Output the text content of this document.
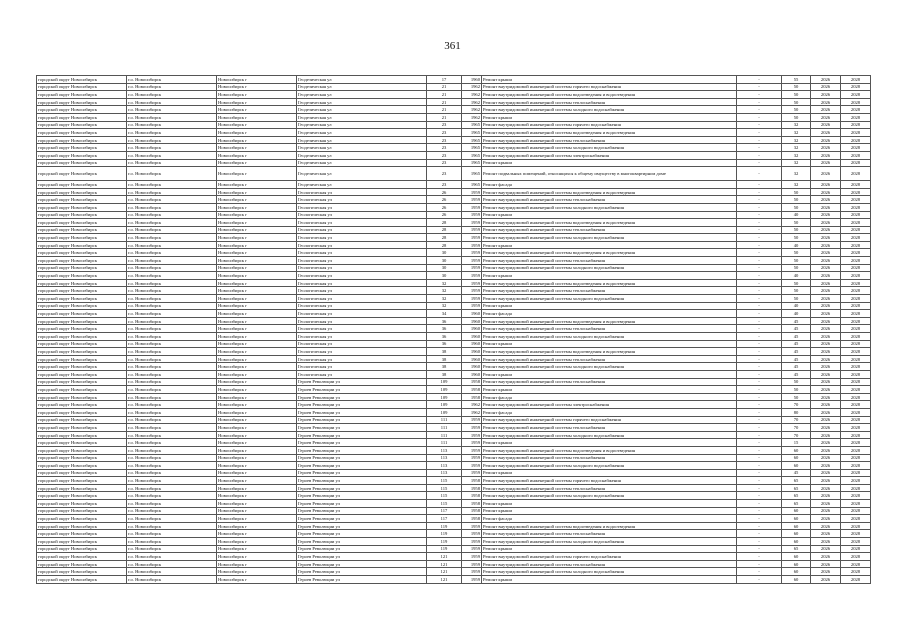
361
городской округ Новосибирск	г.о. Новосибирск	Новосибирск г	Геодезическая ул	17	1960	Ремонт крыши	-	55	2026	2028
городской округ Новосибирск	г.о. Новосибирск	Новосибирск г	Геодезическая ул	21	1962	Ремонт внутридомовой инженерной системы горячего водоснабжения	-	50	2026	2028
городской округ Новосибирск	г.о. Новосибирск	Новосибирск г	Геодезическая ул	21	1962	Ремонт внутридомовой инженерной системы водоотведения и водоотведения	-	50	2026	2028
городской округ Новосибирск	г.о. Новосибирск	Новосибирск г	Геодезическая ул	21	1962	Ремонт внутридомовой инженерной системы теплоснабжения	-	50	2026	2028
городской округ Новосибирск	г.о. Новосибирск	Новосибирск г	Геодезическая ул	21	1962	Ремонт внутридомовой инженерной системы холодного водоснабжения	-	50	2026	2028
городской округ Новосибирск	г.о. Новосибирск	Новосибирск г	Геодезическая ул	21	1962	Ремонт крыши	-	50	2026	2028
городской округ Новосибирск	г.о. Новосибирск	Новосибирск г	Геодезическая ул	23	1965	Ремонт внутридомовой инженерной системы горячего водоснабжения	-	32	2026	2028
городской округ Новосибирск	г.о. Новосибирск	Новосибирск г	Геодезическая ул	23	1965	Ремонт внутридомовой инженерной системы водоотведения и водоотведения	-	32	2026	2028
городской округ Новосибирск	г.о. Новосибирск	Новосибирск г	Геодезическая ул	23	1965	Ремонт внутридомовой инженерной системы теплоснабжения	-	32	2026	2028
городской округ Новосибирск	г.о. Новосибирск	Новосибирск г	Геодезическая ул	23	1965	Ремонт внутридомовой инженерной системы холодного водоснабжения	-	32	2026	2028
городской округ Новосибирск	г.о. Новосибирск	Новосибирск г	Геодезическая ул	23	1965	Ремонт внутридомовой инженерной системы электроснабжения	-	32	2026	2028
городской округ Новосибирск	г.о. Новосибирск	Новосибирск г	Геодезическая ул	23	1965	Ремонт крыши	-	32	2026	2028
городской округ Новосибирск	г.о. Новосибирск	Новосибирск г	Геодезическая ул	23	1965	Ремонт подвальных помещений, относящихся к общему имуществу в многоквартирном доме	-	32	2026	2028
городской округ Новосибирск	г.о. Новосибирск	Новосибирск г	Геодезическая ул	23	1965	Ремонт фасада	-	32	2026	2028
городской округ Новосибирск	г.о. Новосибирск	Новосибирск г	Геологическая ул	26	1959	Ремонт внутридомовой инженерной системы водоотведения и водоотведения	-	50	2026	2028
городской округ Новосибирск	г.о. Новосибирск	Новосибирск г	Геологическая ул	26	1959	Ремонт внутридомовой инженерной системы теплоснабжения	-	50	2026	2028
городской округ Новосибирск	г.о. Новосибирск	Новосибирск г	Геологическая ул	26	1959	Ремонт внутридомовой инженерной системы холодного водоснабжения	-	50	2026	2028
городской округ Новосибирск	г.о. Новосибирск	Новосибирск г	Геологическая ул	26	1959	Ремонт крыши	-	40	2026	2028
городской округ Новосибирск	г.о. Новосибирск	Новосибирск г	Геологическая ул	28	1959	Ремонт внутридомовой инженерной системы водоотведения и водоотведения	-	50	2026	2028
городской округ Новосибирск	г.о. Новосибирск	Новосибирск г	Геологическая ул	28	1959	Ремонт внутридомовой инженерной системы теплоснабжения	-	50	2026	2028
городской округ Новосибирск	г.о. Новосибирск	Новосибирск г	Геологическая ул	28	1959	Ремонт внутридомовой инженерной системы холодного водоснабжения	-	50	2026	2028
городской округ Новосибирск	г.о. Новосибирск	Новосибирск г	Геологическая ул	28	1959	Ремонт крыши	-	40	2026	2028
городской округ Новосибирск	г.о. Новосибирск	Новосибирск г	Геологическая ул	30	1959	Ремонт внутридомовой инженерной системы водоотведения и водоотведения	-	50	2026	2028
городской округ Новосибирск	г.о. Новосибирск	Новосибирск г	Геологическая ул	30	1959	Ремонт внутридомовой инженерной системы теплоснабжения	-	50	2026	2028
городской округ Новосибирск	г.о. Новосибирск	Новосибирск г	Геологическая ул	30	1959	Ремонт внутридомовой инженерной системы холодного водоснабжения	-	50	2026	2028
городской округ Новосибирск	г.о. Новосибирск	Новосибирск г	Геологическая ул	30	1959	Ремонт крыши	-	40	2026	2028
городской округ Новосибирск	г.о. Новосибирск	Новосибирск г	Геологическая ул	32	1959	Ремонт внутридомовой инженерной системы водоотведения и водоотведения	-	50	2026	2028
городской округ Новосибирск	г.о. Новосибирск	Новосибирск г	Геологическая ул	32	1959	Ремонт внутридомовой инженерной системы теплоснабжения	-	50	2026	2028
городской округ Новосибирск	г.о. Новосибирск	Новосибирск г	Геологическая ул	32	1959	Ремонт внутридомовой инженерной системы холодного водоснабжения	-	50	2026	2028
городской округ Новосибирск	г.о. Новосибирск	Новосибирск г	Геологическая ул	32	1959	Ремонт крыши	-	40	2026	2028
городской округ Новосибирск	г.о. Новосибирск	Новосибирск г	Геологическая ул	34	1960	Ремонт фасада	-	40	2026	2028
городской округ Новосибирск	г.о. Новосибирск	Новосибирск г	Геологическая ул	36	1960	Ремонт внутридомовой инженерной системы водоотведения и водоотведения	-	45	2026	2028
городской округ Новосибирск	г.о. Новосибирск	Новосибирск г	Геологическая ул	36	1960	Ремонт внутридомовой инженерной системы теплоснабжения	-	45	2026	2028
городской округ Новосибирск	г.о. Новосибирск	Новосибирск г	Геологическая ул	36	1960	Ремонт внутридомовой инженерной системы холодного водоснабжения	-	45	2026	2028
городской округ Новосибирск	г.о. Новосибирск	Новосибирск г	Геологическая ул	36	1960	Ремонт крыши	-	45	2026	2028
городской округ Новосибирск	г.о. Новосибирск	Новосибирск г	Геологическая ул	38	1960	Ремонт внутридомовой инженерной системы водоотведения и водоотведения	-	45	2026	2028
городской округ Новосибирск	г.о. Новосибирск	Новосибирск г	Геологическая ул	38	1960	Ремонт внутридомовой инженерной системы теплоснабжения	-	45	2026	2028
городской округ Новосибирск	г.о. Новосибирск	Новосибирск г	Геологическая ул	38	1960	Ремонт внутридомовой инженерной системы холодного водоснабжения	-	45	2026	2028
городской округ Новосибирск	г.о. Новосибирск	Новосибирск г	Геологическая ул	38	1960	Ремонт крыши	-	45	2026	2028
городской округ Новосибирск	г.о. Новосибирск	Новосибирск г	Героев Революции ул	109	1958	Ремонт внутридомовой инженерной системы теплоснабжения	-	50	2026	2028
городской округ Новосибирск	г.о. Новосибирск	Новосибирск г	Героев Революции ул	109	1958	Ремонт крыши	-	50	2026	2028
городской округ Новосибирск	г.о. Новосибирск	Новосибирск г	Героев Революции ул	109	1958	Ремонт фасада	-	50	2026	2028
городской округ Новосибирск	г.о. Новосибирск	Новосибирск г	Героев Революции ул	109	1962	Ремонт внутридомовой инженерной системы электроснабжения	-	70	2026	2028
городской округ Новосибирск	г.о. Новосибирск	Новосибирск г	Героев Революции ул	109	1962	Ремонт фасада	-	80	2026	2028
городской округ Новосибирск	г.о. Новосибирск	Новосибирск г	Героев Революции ул	111	1959	Ремонт внутридомовой инженерной системы горячего водоснабжения	-	70	2026	2028
городской округ Новосибирск	г.о. Новосибирск	Новосибирск г	Героев Революции ул	111	1959	Ремонт внутридомовой инженерной системы теплоснабжения	-	70	2026	2028
городской округ Новосибирск	г.о. Новосибирск	Новосибирск г	Героев Революции ул	111	1959	Ремонт внутридомовой инженерной системы холодного водоснабжения	-	70	2026	2028
городской округ Новосибирск	г.о. Новосибирск	Новосибирск г	Героев Революции ул	111	1959	Ремонт крыши	-	15	2026	2028
городской округ Новосибирск	г.о. Новосибирск	Новосибирск г	Героев Революции ул	113	1959	Ремонт внутридомовой инженерной системы водоотведения и водоотведения	-	60	2026	2028
городской округ Новосибирск	г.о. Новосибирск	Новосибирск г	Героев Революции ул	113	1959	Ремонт внутридомовой инженерной системы теплоснабжения	-	60	2026	2028
городской округ Новосибирск	г.о. Новосибирск	Новосибирск г	Героев Революции ул	113	1959	Ремонт внутридомовой инженерной системы холодного водоснабжения	-	60	2026	2028
городской округ Новосибирск	г.о. Новосибирск	Новосибирск г	Героев Революции ул	113	1959	Ремонт крыши	-	45	2026	2028
городской округ Новосибирск	г.о. Новосибирск	Новосибирск г	Героев Революции ул	115	1958	Ремонт внутридомовой инженерной системы горячего водоснабжения	-	65	2026	2028
городской округ Новосибирск	г.о. Новосибирск	Новосибирск г	Героев Революции ул	115	1958	Ремонт внутридомовой инженерной системы теплоснабжения	-	65	2026	2028
городской округ Новосибирск	г.о. Новосибирск	Новосибирск г	Героев Революции ул	115	1958	Ремонт внутридомовой инженерной системы холодного водоснабжения	-	65	2026	2028
городской округ Новосибирск	г.о. Новосибирск	Новосибирск г	Героев Революции ул	115	1958	Ремонт крыши	-	65	2026	2028
городской округ Новосибирск	г.о. Новосибирск	Новосибирск г	Героев Революции ул	117	1958	Ремонт крыши	-	60	2026	2028
городской округ Новосибирск	г.о. Новосибирск	Новосибирск г	Героев Революции ул	117	1958	Ремонт фасада	-	60	2026	2028
городской округ Новосибирск	г.о. Новосибирск	Новосибирск г	Героев Революции ул	119	1959	Ремонт внутридомовой инженерной системы водоотведения и водоотведения	-	60	2026	2028
городской округ Новосибирск	г.о. Новосибирск	Новосибирск г	Героев Революции ул	119	1959	Ремонт внутридомовой инженерной системы теплоснабжения	-	60	2026	2028
городской округ Новосибирск	г.о. Новосибирск	Новосибирск г	Героев Революции ул	119	1959	Ремонт внутридомовой инженерной системы холодного водоснабжения	-	60	2026	2028
городской округ Новосибирск	г.о. Новосибирск	Новосибирск г	Героев Революции ул	119	1959	Ремонт крыши	-	65	2026	2028
городской округ Новосибирск	г.о. Новосибирск	Новосибирск г	Героев Революции ул	121	1959	Ремонт внутридомовой инженерной системы горячего водоснабжения	-	60	2026	2028
городской округ Новосибирск	г.о. Новосибирск	Новосибирск г	Героев Революции ул	121	1959	Ремонт внутридомовой инженерной системы теплоснабжения	-	60	2026	2028
городской округ Новосибирск	г.о. Новосибирск	Новосибирск г	Героев Революции ул	121	1959	Ремонт внутридомовой инженерной системы холодного водоснабжения	-	60	2026	2028
городской округ Новосибирск	г.о. Новосибирск	Новосибирск г	Героев Революции ул	121	1959	Ремонт крыши	-	60	2026	2028
